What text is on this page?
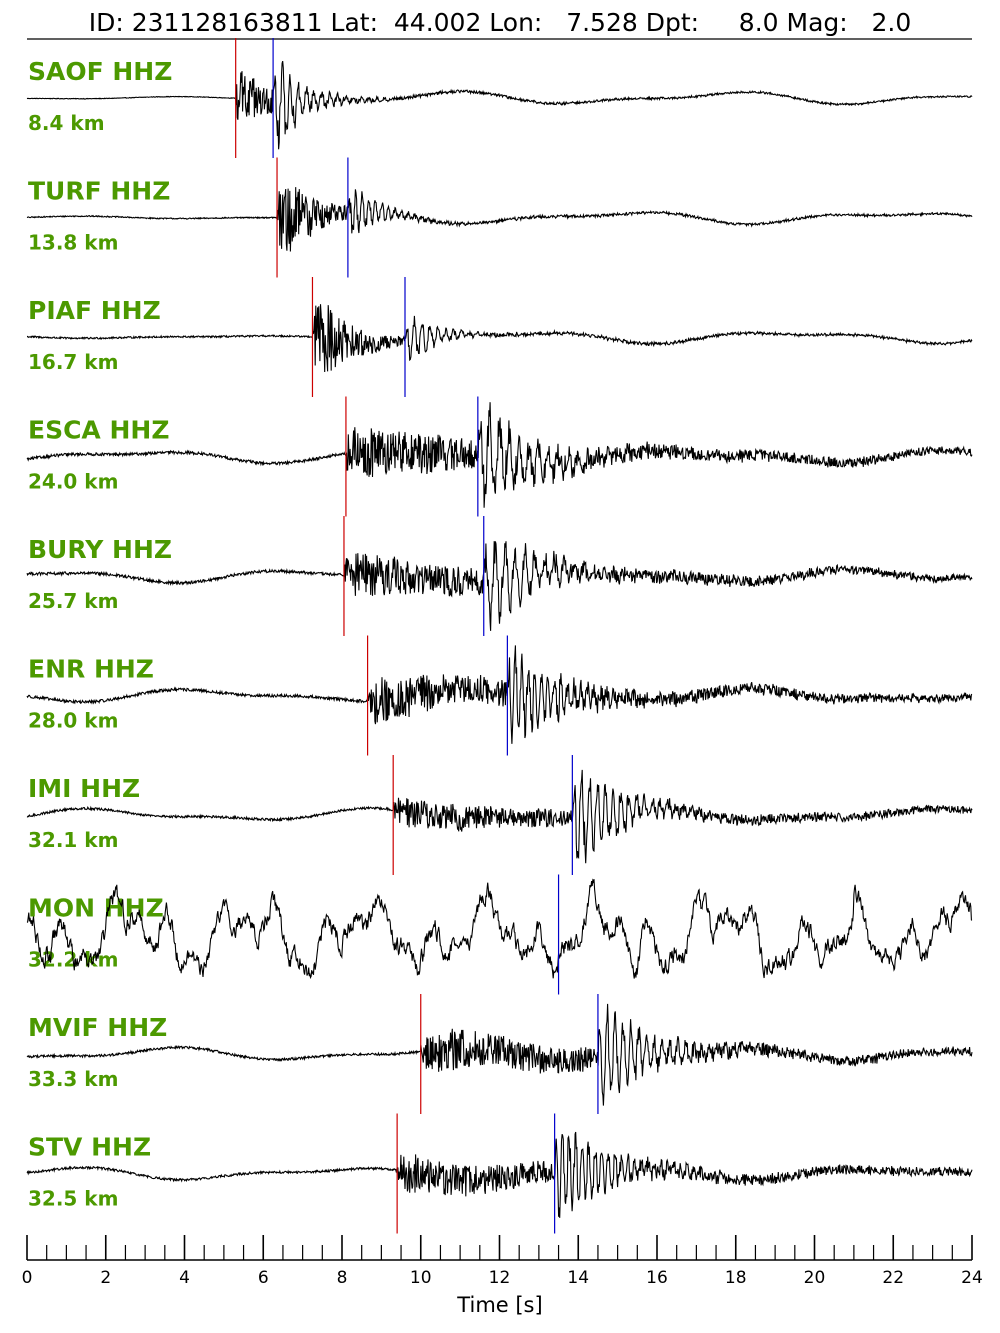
ID: 231128163811 Lat:  44.002 Lon:   7.528 Dpt:     8.0 Mag:   2.0
SAOF HHZ
8.4 km
TURF HHZ
13.8 km
PIAF HHZ
16.7 km
ESCA HHZ
24.0 km
BURY HHZ
25.7 km
ENR HHZ
28.0 km
IMI HHZ
32.1 km
MON HHZ
32.2 km
MVIF HHZ
33.3 km
STV HHZ
32.5 km
0	2	4	6	8	10	12	14	16	18	20	22	24
Time [s]
